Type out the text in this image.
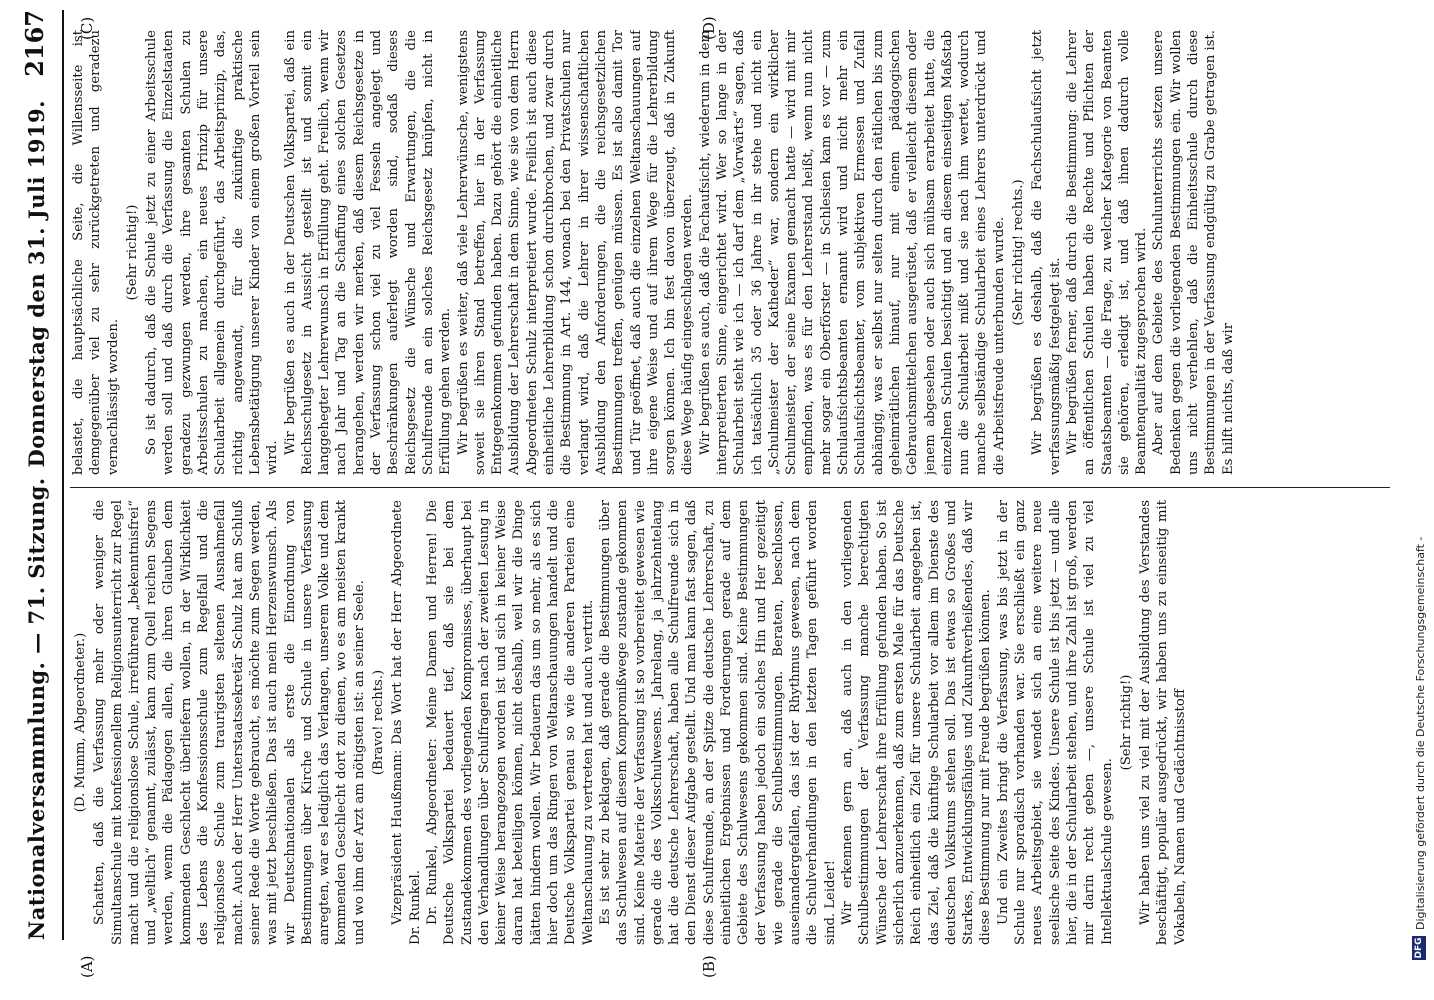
Nationalversammlung. — 71. Sitzung.
Donnerstag den 31. Juli 1919.
2167
(A)	(B)
(C)	(D)

(D. Mumm, Abgeordneter.) Schatten, daß die Verfassung mehr oder weniger die Simultanschule mit konfessionellem Religionsunterricht zur Regel macht und die religionslose Schule, irreführend „bekenntnisfrei“ und „weltlich“ genannt, zulässt, kann zum Quell reichen Segens werden, wenn die Pädagogen allen, die ihren Glauben dem kommenden Geschlecht überliefern wollen, in der Wirklichkeit des Lebens die Konfessionsschule zum Regelfall und die religionslose Schule zum traurigsten seltenen Ausnahmefall macht. Auch der Herr Unterstaatssekretär Schulz hat am Schluß seiner Rede die Worte gebraucht, es möchte zum Segen werden, was mit jetzt beschließen. Das ist auch mein Herzenswunsch. Als wir Deutschnationalen als erste die Einordnung von Bestimmungen über Kirche und Schule in unsere Verfassung anregten, war es lediglich das Verlangen, unserem Volke und dem kommenden Geschlecht dort zu dienen, wo es am meisten krankt und wo ihm der Arzt am nötigsten ist: an seiner Seele. (Bravo! rechts.) Vizepräsident Haußmann: Das Wort hat der Herr Abgeordnete Dr. Runkel. Dr. Runkel, Abgeordneter: Meine Damen und Herren! Die Deutsche Volkspartei bedauert tief, daß sie bei dem Zustandekommen des vorliegenden Kompromisses, überhaupt bei den Verhandlungen über Schulfragen nach der zweiten Lesung in keiner Weise herangezogen worden ist und sich in keiner Weise daran hat beteiligen können, nicht deshalb, weil wir die Dinge hätten hindern wollen. Wir bedauern das um so mehr, als es sich hier doch um das Ringen von Weltanschauungen handelt und die Deutsche Volkspartei genau so wie die anderen Parteien eine Weltanschauung zu vertreten hat und auch vertritt. Es ist sehr zu beklagen, daß gerade die Bestimmungen über das Schulwesen auf diesem Kompromißwege zustande gekommen sind. Keine Materie der Verfassung ist so vorbereitet gewesen wie gerade die des Volksschulwesens. Jahrelang, ja jahrzehntelang hat die deutsche Lehrerschaft, haben alle Schulfreunde sich in den Dienst dieser Aufgabe gestellt. Und man kann fast sagen, daß diese Schulfreunde, an der Spitze die deutsche Lehrerschaft, zu einheitlichen Ergebnissen und Forderungen gerade auf dem Gebiete des Schulwesens gekommen sind. Keine Bestimmungen der Verfassung haben jedoch ein solches Hin und Her gezeitigt wie gerade die Schulbestimmungen. Beraten, beschlossen, auseinandergefallen, das ist der Rhythmus gewesen, nach dem die Schulverhandlungen in den letzten Tagen geführt worden sind. Leider! Wir erkennen gern an, daß auch in den vorliegenden Schulbestimmungen der Verfassung manche berechtigten Wünsche der Lehrerschaft ihre Erfüllung gefunden haben. So ist sicherlich anzuerkennen, daß zum ersten Male für das Deutsche Reich einheitlich ein Ziel für unsere Schularbeit angegeben ist, das Ziel, daß die künftige Schularbeit vor allem im Dienste des deutschen Volkstums stehen soll. Das ist etwas so Großes und Starkes, Entwicklungsfähiges und Zukunftverheißendes, daß wir diese Bestimmung nur mit Freude begrüßen können. Und ein Zweites bringt die Verfassung, was bis jetzt in der Schule nur sporadisch vorhanden war. Sie erschließt ein ganz neues Arbeitsgebiet, sie wendet sich an eine weitere neue seelische Seite des Kindes. Unsere Schule ist bis jetzt — und alle hier, die in der Schularbeit stehen, und ihre Zahl ist groß, werden mir darin recht geben —, unsere Schule ist viel zu viel Intellektualschule gewesen.

(Sehr richtig!) Wir haben uns viel zu viel mit der Ausbildung des Verstandes beschäftigt, populär ausgedrückt, wir haben uns zu einseitig mit Vokabeln, Namen und Gedächtnisstoff

belastet, die hauptsächliche Seite, die Willensseite ist demgegenüber viel zu sehr zurückgetreten und geradezu vernachlässigt worden.

(Sehr richtig!) So ist dadurch, daß die Schule jetzt zu einer Arbeitsschule werden soll und daß durch die Verfassung die Einzelstaaten geradezu gezwungen werden, ihre gesamten Schulen zu Arbeitsschulen zu machen, ein neues Prinzip für unsere Schularbeit allgemein durchgeführt, das Arbeitsprinzip, das, richtig angewandt, für die zukünftige praktische Lebensbetätigung unserer Kinder von einem großen Vorteil sein wird.

Wir begrüßen es auch in der Deutschen Volkspartei, daß ein Reichsschulgesetz in Aussicht gestellt ist und somit ein langgehegter Lehrerwunsch in Erfüllung geht. Freilich, wenn wir nach Jahr und Tag an die Schaffung eines solchen Gesetzes herangehen, werden wir merken, daß diesem Reichsgesetze in der Verfassung schon viel zu viel Fesseln angelegt und Beschränkungen auferlegt worden sind, sodaß dieses Reichsgesetz die Wünsche und Erwartungen, die die Schulfreunde an ein solches Reichsgesetz knüpfen, nicht in Erfüllung gehen werden. Wir begrüßen es weiter, daß viele Lehrerwünsche, wenigstens soweit sie ihren Stand betreffen, hier in der Verfassung Entgegenkommen gefunden haben. Dazu gehört die einheitliche Ausbildung der Lehrerschaft in dem Sinne, wie sie von dem Herrn Abgeordneten Schulz interpretiert wurde. Freilich ist auch diese einheitliche Lehrerbildung schon durchbrochen, und zwar durch die Bestimmung in Art. 144, wonach bei den Privatschulen nur verlangt wird, daß die Lehrer in ihrer wissenschaftlichen Ausbildung den Anforderungen, die die reichsgesetzlichen Bestimmungen treffen, genügen müssen. Es ist also damit Tor und Tür geöffnet, daß auch die einzelnen Weltanschauungen auf ihre eigene Weise und auf ihrem Wege für die Lehrerbildung sorgen können. Ich bin fest davon überzeugt, daß in Zukunft diese Wege häufig eingeschlagen werden. Wir begrüßen es auch, daß die Fachaufsicht, wiederum in dem interpretierten Sinne, eingerichtet wird. Wer so lange in der Schularbeit steht wie ich — ich darf dem „Vorwärts“ sagen, daß ich tatsächlich 35 oder 36 Jahre in ihr stehe und nicht ein „Schulmeister der Katheder“ war, sondern ein wirklicher Schulmeister, der seine Examen gemacht hatte — wird mit mir empfinden, was es für den Lehrerstand heißt, wenn nun nicht mehr sogar ein Oberförster — in Schlesien kam es vor — zum Schulaufsichtsbeamten ernannt wird und nicht mehr ein Schulaufsichtsbeamter, vom subjektiven Ermessen und Zufall abhängig, was er selbst nur selten durch den rätlichen bis zum geheimrätlichen hinauf, nur mit einem pädagogischen Gebrauchsmittelchen ausgerüstet, daß er vielleicht diesem oder jenem abgesehen oder auch sich mühsam erarbeitet hatte, die einzelnen Schulen besichtigt und an diesem einseitigen Maßstab nun die Schularbeit mißt und sie nach ihm wertet, wodurch manche selbständige Schularbeit eines Lehrers unterdrückt und die Arbeitsfreude unterbunden wurde. (Sehr richtig! rechts.) Wir begrüßen es deshalb, daß die Fachschulaufsicht jetzt verfassungsmäßig festgelegt ist. Wir begrüßen ferner, daß durch die Bestimmung: die Lehrer an öffentlichen Schulen haben die Rechte und Pflichten der Staatsbeamten — die Frage, zu welcher Kategorie von Beamten sie gehören, erledigt ist, und daß ihnen dadurch volle Beamtenqualität zugesprochen wird. Aber auf dem Gebiete des Schulunterrichts setzen unsere Bedenken gegen die vorliegenden Bestimmungen ein. Wir wollen uns nicht verhehlen, daß die Einheitsschule durch diese Bestimmungen in der Verfassung endgültig zu Grabe getragen ist. Es hilft nichts, daß wir

DFG
Digitalisierung gefördert durch die Deutsche Forschungsgemeinschaft -
